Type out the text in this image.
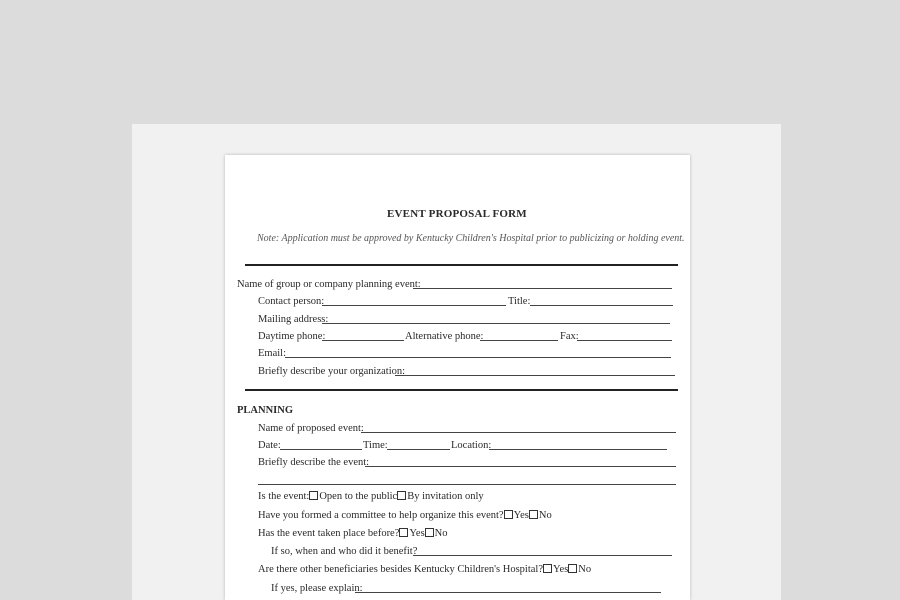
EVENT PROPOSAL FORM
Note: Application must be approved by Kentucky Children's Hospital prior to publicizing or holding event.
Name of group or company planning event:
Contact person:	Title:
Mailing address:
Daytime phone:	Alternative phone:	Fax:
Email:
Briefly describe your organization:
PLANNING
Name of proposed event:
Date:	Time:	Location:
Briefly describe the event:
Is the event: Open to the public By invitation only
Have you formed a committee to help organize this event? Yes No
Has the event taken place before? Yes No
If so, when and who did it benefit?
Are there other beneficiaries besides Kentucky Children's Hospital? Yes No
If yes, please explain:
